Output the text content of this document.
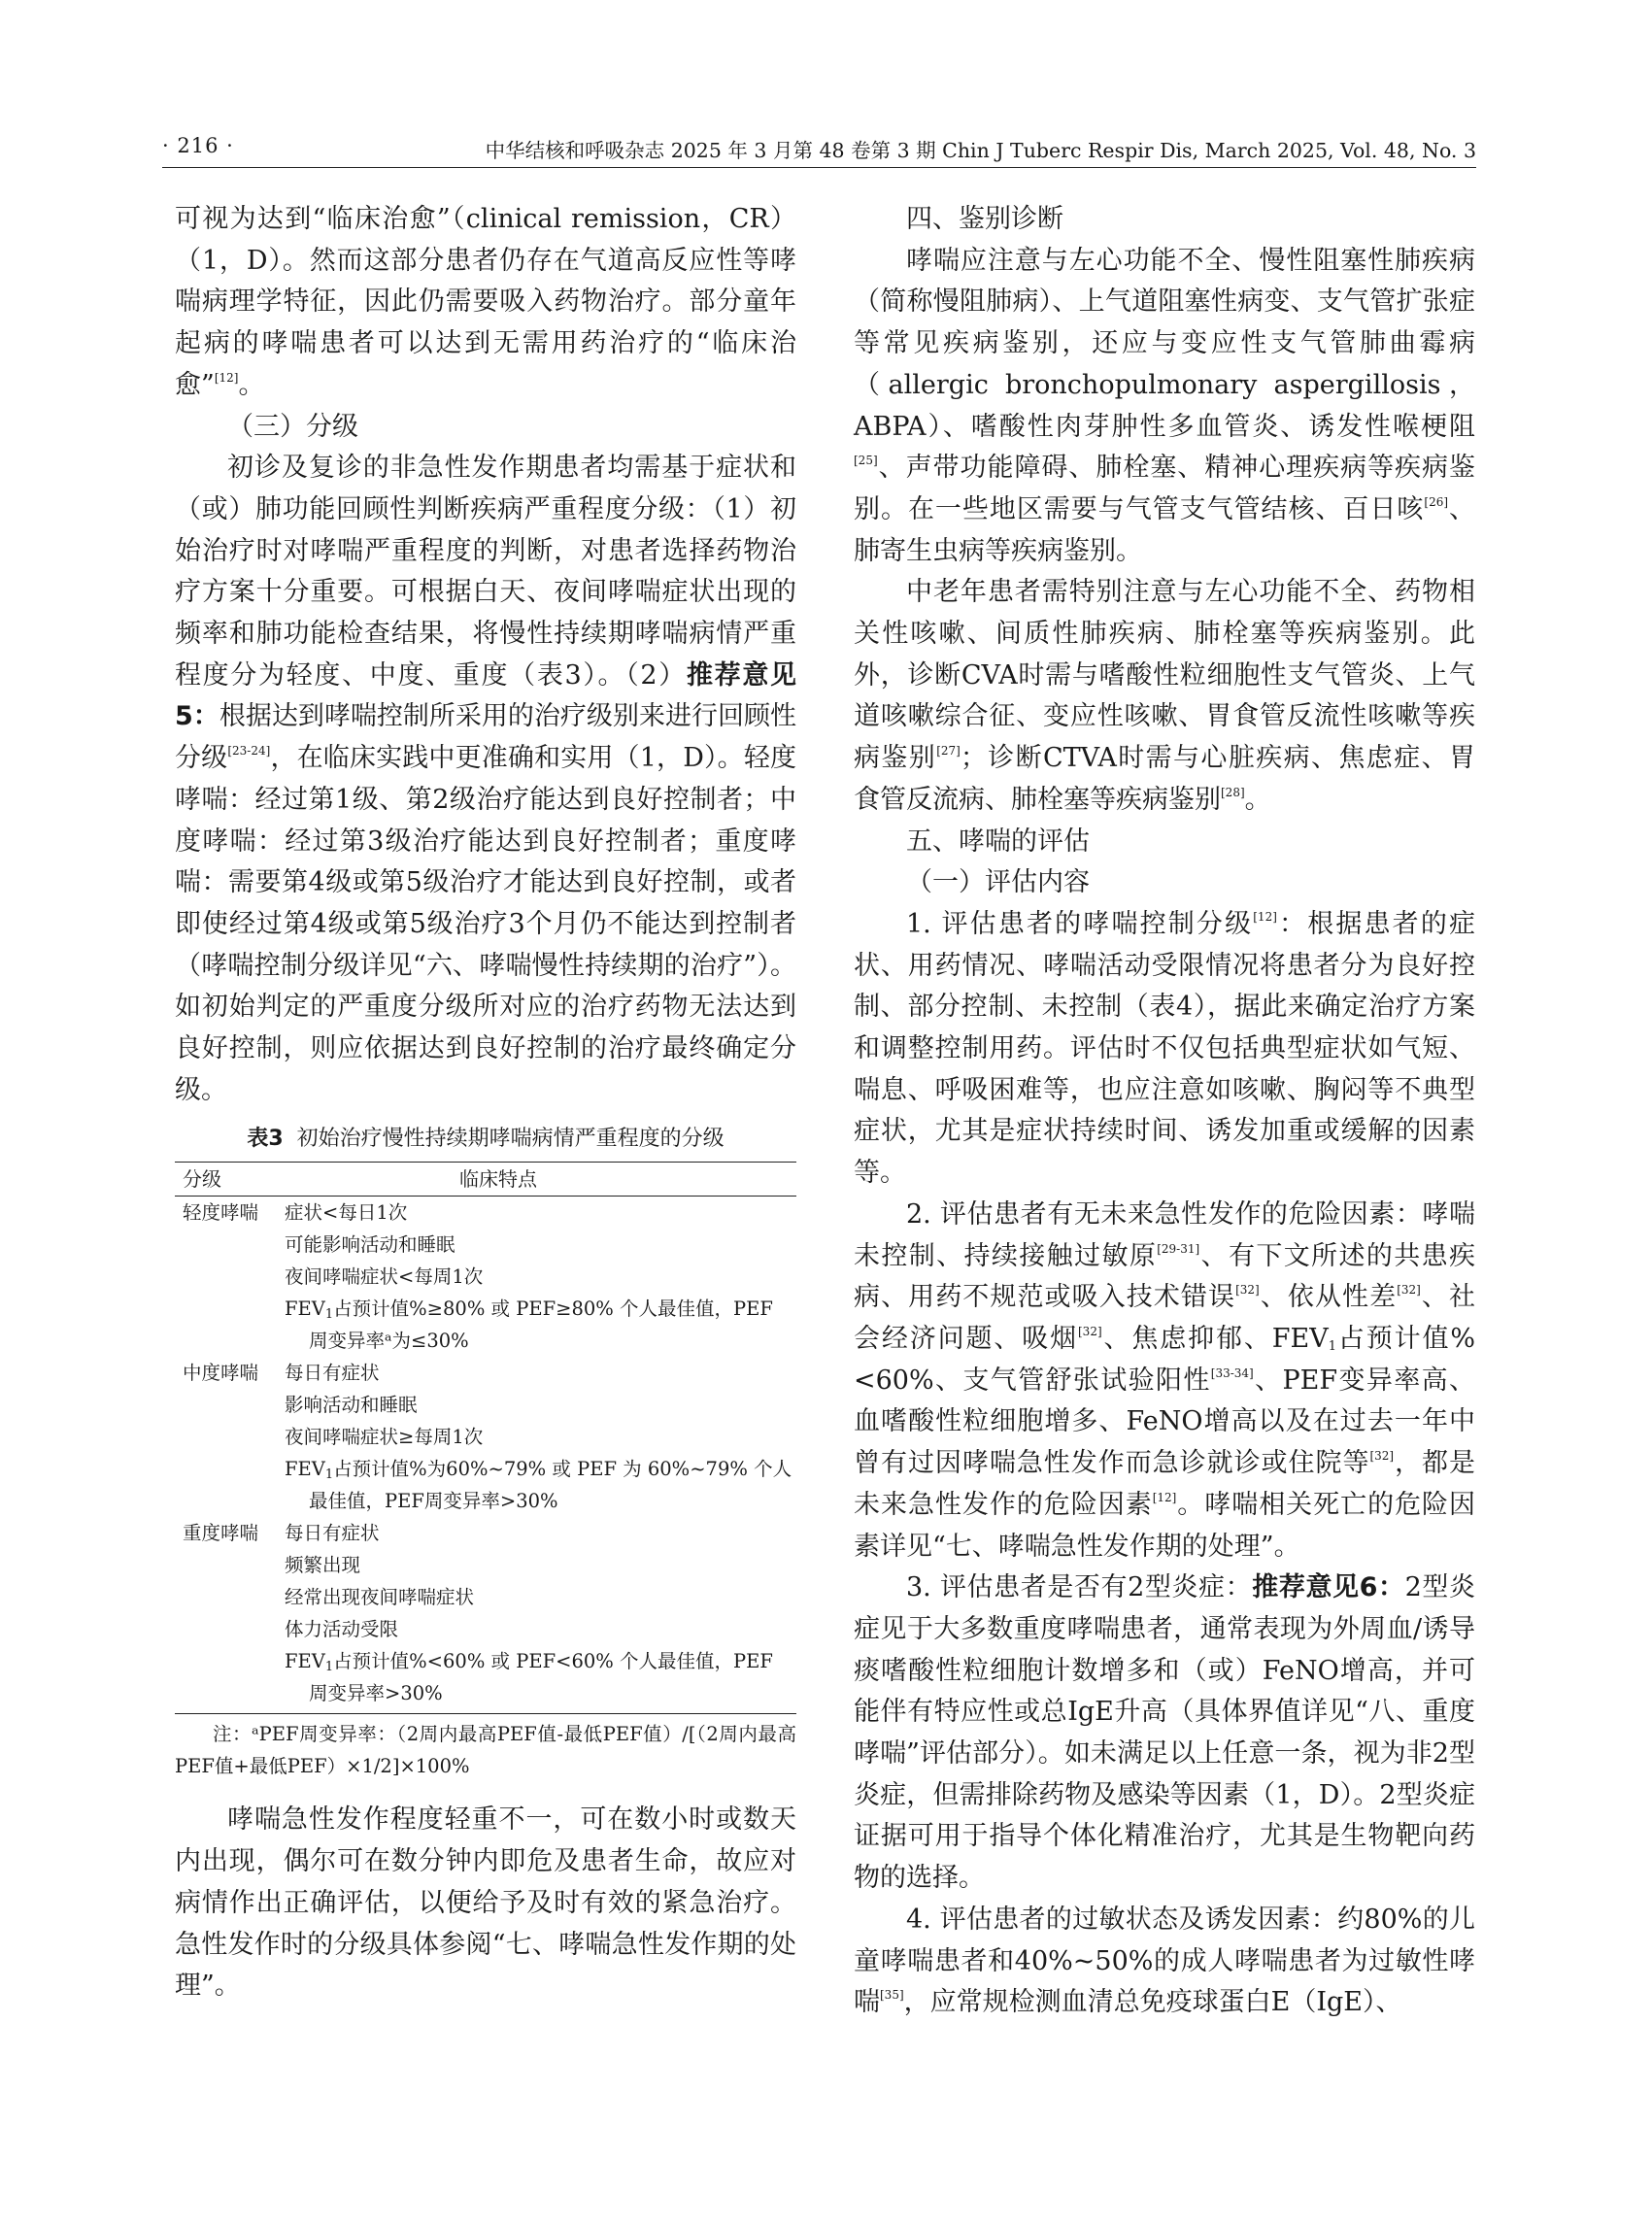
· 216 ·	中华结核和呼吸杂志 2025 年 3 月第 48 卷第 3 期 Chin J Tuberc Respir Dis, March 2025, Vol. 48, No. 3

可视为达到“临床治愈”（clinical remission，CR）（1，D）。然而这部分患者仍存在气道高反应性等哮喘病理学特征，因此仍需要吸入药物治疗。部分童年起病的哮喘患者可以达到无需用药治疗的“临床治愈”[12]。

（三）分级

初诊及复诊的非急性发作期患者均需基于症状和（或）肺功能回顾性判断疾病严重程度分级：（1）初始治疗时对哮喘严重程度的判断，对患者选择药物治疗方案十分重要。可根据白天、夜间哮喘症状出现的频率和肺功能检查结果，将慢性持续期哮喘病情严重程度分为轻度、中度、重度（表3）。（2）推荐意见5：根据达到哮喘控制所采用的治疗级别来进行回顾性分级[23-24]，在临床实践中更准确和实用（1，D）。轻度哮喘：经过第1级、第2级治疗能达到良好控制者；中度哮喘：经过第3级治疗能达到良好控制者；重度哮喘：需要第4级或第5级治疗才能达到良好控制，或者即使经过第4级或第5级治疗3个月仍不能达到控制者（哮喘控制分级详见“六、哮喘慢性持续期的治疗”）。如初始判定的严重度分级所对应的治疗药物无法达到良好控制，则应依据达到良好控制的治疗最终确定分级。

表3 初始治疗慢性持续期哮喘病情严重程度的分级
分级	临床特点
轻度哮喘	症状<每日1次
可能影响活动和睡眠
夜间哮喘症状<每周1次
$FEV_1$占预计值%≥80% 或 PEF≥80% 个人最佳值，PEF
周变异率ᵃ为≤30%
中度哮喘	每日有症状
影响活动和睡眠
夜间哮喘症状≥每周1次
$FEV_1$占预计值%为60%~79% 或 PEF 为 60%~79% 个人
最佳值，PEF周变异率>30%
重度哮喘	每日有症状
频繁出现
经常出现夜间哮喘症状
体力活动受限
$FEV_1$占预计值%<60% 或 PEF<60% 个人最佳值，PEF
周变异率>30%
注：ᵃPEF周变异率：（2周内最高PEF值-最低PEF值）/[（2周内最高PEF值+最低PEF）×1/2]×100%

哮喘急性发作程度轻重不一，可在数小时或数天内出现，偶尔可在数分钟内即危及患者生命，故应对病情作出正确评估，以便给予及时有效的紧急治疗。急性发作时的分级具体参阅“七、哮喘急性发作期的处理”。

四、鉴别诊断

哮喘应注意与左心功能不全、慢性阻塞性肺疾病（简称慢阻肺病）、上气道阻塞性病变、支气管扩张症等常见疾病鉴别，还应与变应性支气管肺曲霉病（allergic bronchopulmonary aspergillosis，ABPA）、嗜酸性肉芽肿性多血管炎、诱发性喉梗阻[25]、声带功能障碍、肺栓塞、精神心理疾病等疾病鉴别。在一些地区需要与气管支气管结核、百日咳[26]、肺寄生虫病等疾病鉴别。

中老年患者需特别注意与左心功能不全、药物相关性咳嗽、间质性肺疾病、肺栓塞等疾病鉴别。此外，诊断CVA时需与嗜酸性粒细胞性支气管炎、上气道咳嗽综合征、变应性咳嗽、胃食管反流性咳嗽等疾病鉴别[27]；诊断CTVA时需与心脏疾病、焦虑症、胃食管反流病、肺栓塞等疾病鉴别[28]。

五、哮喘的评估

（一）评估内容

1. 评估患者的哮喘控制分级[12]：根据患者的症状、用药情况、哮喘活动受限情况将患者分为良好控制、部分控制、未控制（表4），据此来确定治疗方案和调整控制用药。评估时不仅包括典型症状如气短、喘息、呼吸困难等，也应注意如咳嗽、胸闷等不典型症状，尤其是症状持续时间、诱发加重或缓解的因素等。

2. 评估患者有无未来急性发作的危险因素：哮喘未控制、持续接触过敏原[29-31]、有下文所述的共患疾病、用药不规范或吸入技术错误[32]、依从性差[32]、社会经济问题、吸烟[32]、焦虑抑郁、$FEV_1$占预计值%<60%、支气管舒张试验阳性[33-34]、PEF变异率高、血嗜酸性粒细胞增多、FeNO增高以及在过去一年中曾有过因哮喘急性发作而急诊就诊或住院等[32]，都是未来急性发作的危险因素[12]。哮喘相关死亡的危险因素详见“七、哮喘急性发作期的处理”。

3. 评估患者是否有2型炎症：推荐意见6：2型炎症见于大多数重度哮喘患者，通常表现为外周血/诱导痰嗜酸性粒细胞计数增多和（或）FeNO增高，并可能伴有特应性或总IgE升高（具体界值详见“八、重度哮喘”评估部分）。如未满足以上任意一条，视为非2型炎症，但需排除药物及感染等因素（1，D）。2型炎症证据可用于指导个体化精准治疗，尤其是生物靶向药物的选择。

4. 评估患者的过敏状态及诱发因素：约80%的儿童哮喘患者和40%~50%的成人哮喘患者为过敏性哮喘[35]，应常规检测血清总免疫球蛋白E（IgE）、
